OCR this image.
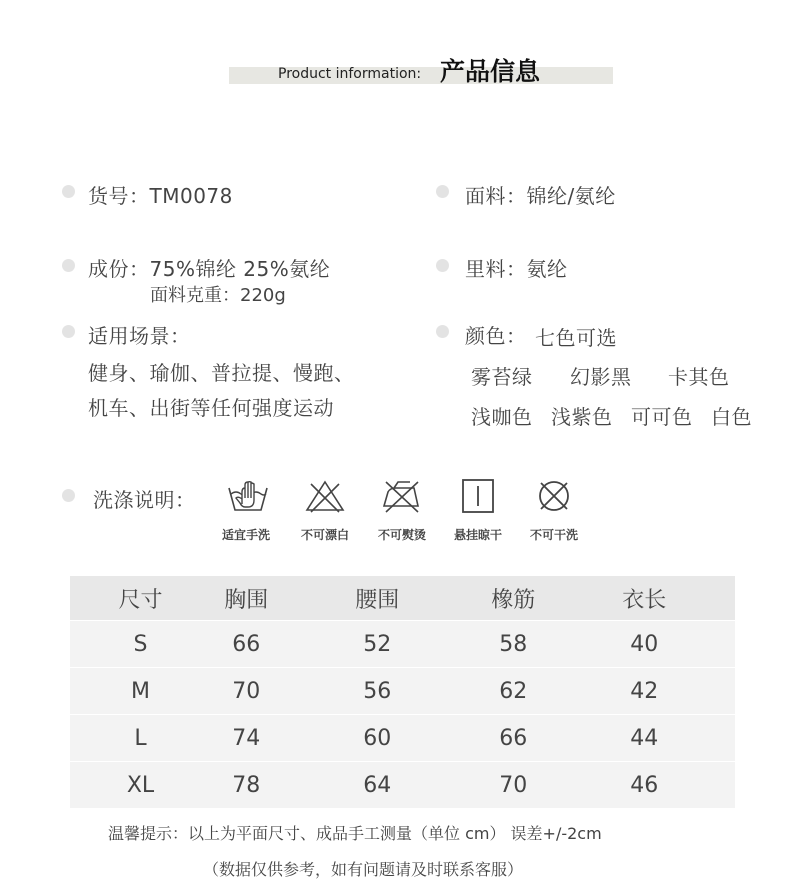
Product information: 产品信息
货号：TM0078
成份：75%锦纶 25%氨纶
面料克重：220g
适用场景：
健身、瑜伽、普拉提、慢跑、
机车、出街等任何强度运动
面料：锦纶/氨纶
里料：氨纶
颜色： 七色可选
雾苔绿 幻影黑 卡其色
浅咖色 浅紫色 可可色 白色
洗涤说明：
适宜手洗	不可漂白	不可熨烫	悬挂晾干	不可干洗
尺寸	胸围	腰围	橡筋	衣长
S	66	52	58	40
M	70	56	62	42
L	74	60	66	44
XL	78	64	70	46
温馨提示：以上为平面尺寸、成品手工测量（单位 cm） 误差+/-2cm
（数据仅供参考，如有问题请及时联系客服）
